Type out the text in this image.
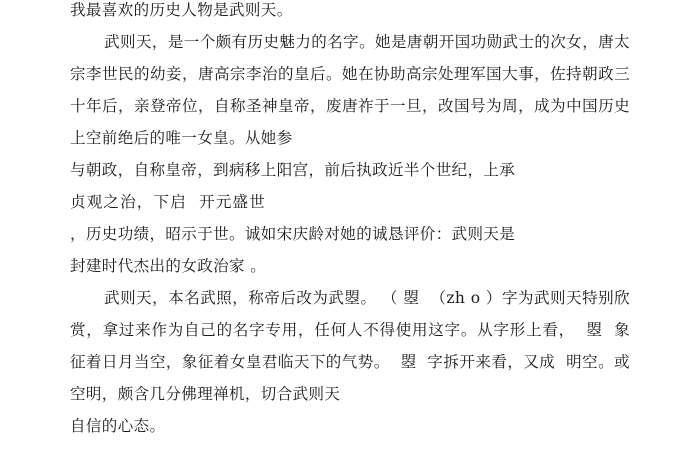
我最喜欢的历史人物是武则天。

武则天，是一个颇有历史魅力的名字。她是唐朝开国功勋武士的次女，唐太宗李世民的幼妾，唐高宗李治的皇后。她在协助高宗处理军国大事，佐持朝政三十年后，亲登帝位，自称圣神皇帝，废唐祚于一旦，改国号为周，成为中国历史上空前绝后的唯一女皇。从她参

与朝政，自称皇帝，到病移上阳宫，前后执政近半个世纪，上承

贞观之治，下启  开元盛世

，历史功绩，昭示于世。诚如宋庆龄对她的诚恳评价：武则天是

封建时代杰出的女政治家 。

武则天，本名武照，称帝后改为武曌。 （ 曌  （zh o ）字为武则天特别欣赏，拿过来作为自己的名字专用，任何人不得使用这字。从字形上看，  曌  象征着日月当空，象征着女皇君临天下的气势。  曌  字拆开来看，又成  明空。或  空明，颇含几分佛理禅机，切合武则天

自信的心态。
